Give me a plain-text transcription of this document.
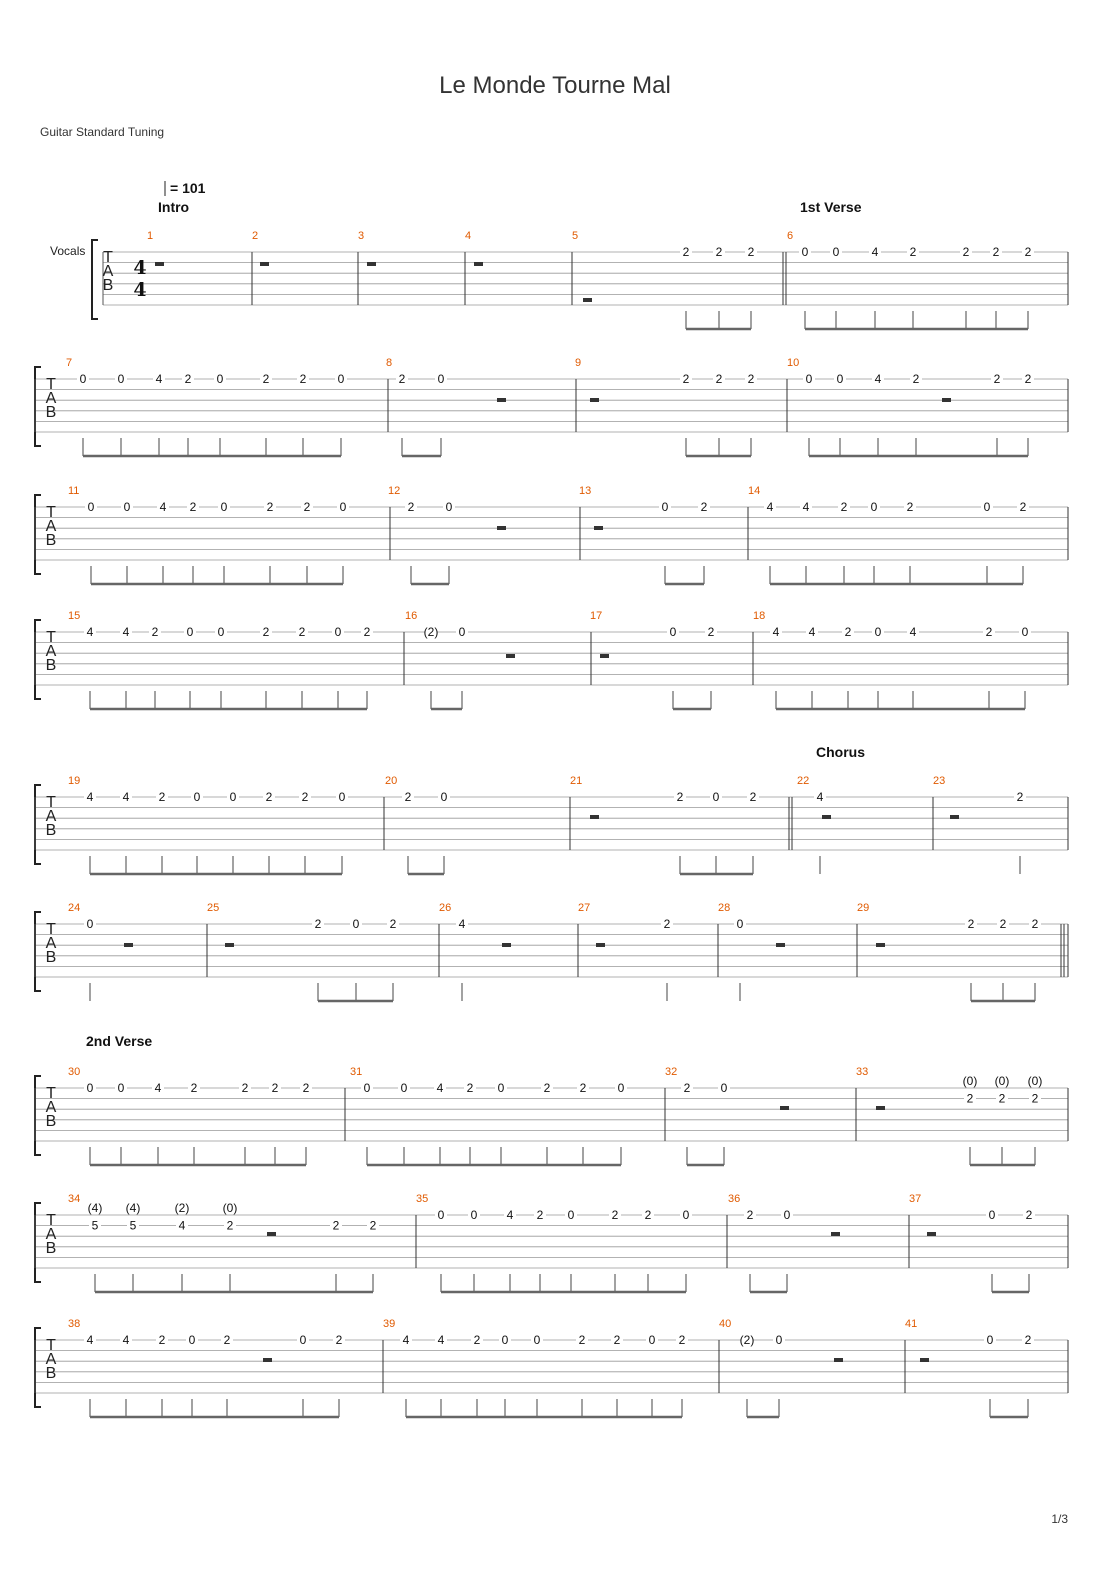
Le Monde Tourne Mal
Guitar Standard Tuning
1/3
T
A
B
1	2	3	4	5
2 2 2
6
0 0	4	2	2 2 2
T
A
B
7
0	0	4 2 0	2	2	0
8
2	0
9
2 2 2
10
0 0	4	2	2 2
T
A
B
11
0 0 4 2 0	2	2 0
12
2	0
13
0	2
14
4 4	2 0 2	0 2
T
A
B
15
4 4 2 0 0	2 2 0 2
16
(2) 0
17
0	2
18
4 4 2 0 4	2 0
T
A
B
19
4 4 2 0 0 2 2	0
20
2 0
21
2 0	2
22
4
23
2
T
A
B
24
0
25
2	0	2
26
4
27
2
28
0
29
2 2 2
T
A
B
30
0 0	4 2	2 2 2
31
0	0 4 2 0	2 2	0
32
2	0
33
(0) (0) (0)
2 2 2
T
A
B
34
(4) (4)	(2)	(0)
5	5	4	2	2	2
35
0 0 4 2 0	2 2	0
36
2	0
37
0	2
T
A
B
38
4 4 2 0 2	0 2
39
4 4 2 0 0	2 2 0 2
40
(2) 0
41
0	2
4
4
Vocals
= 101
Intro	1st Verse
Chorus
2nd Verse
